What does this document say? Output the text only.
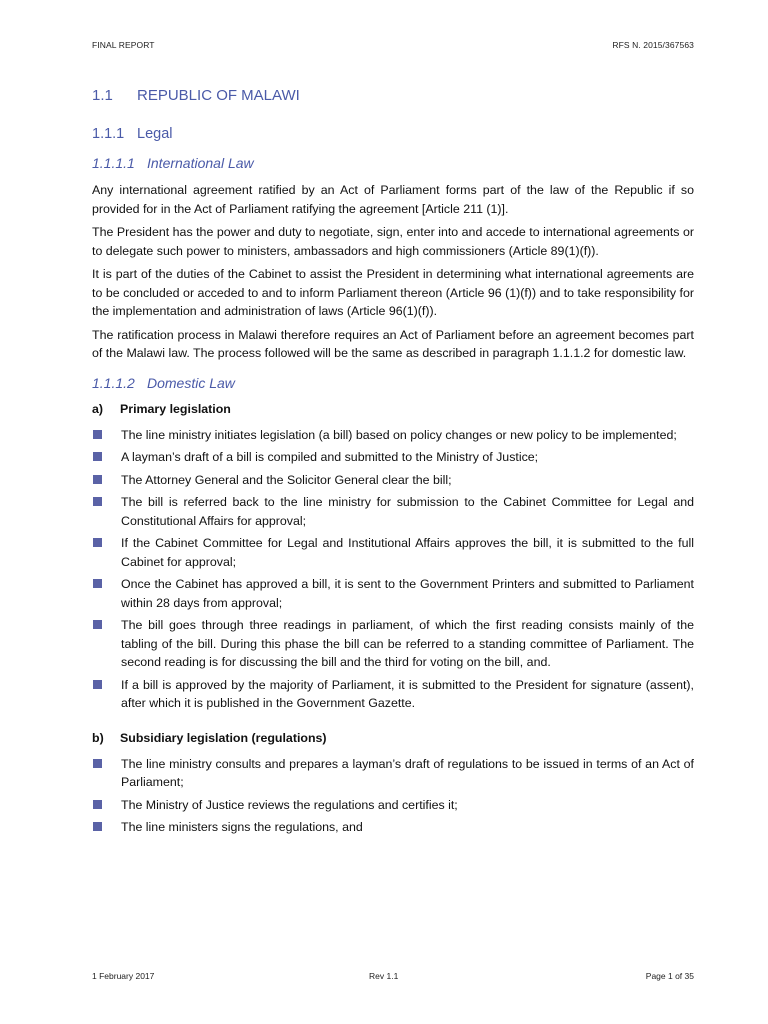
FINAL REPORT	RFS N. 2015/367563
1.1 REPUBLIC OF MALAWI
1.1.1 Legal
1.1.1.1 International Law

Any international agreement ratified by an Act of Parliament forms part of the law of the Republic if so provided for in the Act of Parliament ratifying the agreement [Article 211 (1)].

The President has the power and duty to negotiate, sign, enter into and accede to international agreements or to delegate such power to ministers, ambassadors and high commissioners (Article 89(1)(f)).

It is part of the duties of the Cabinet to assist the President in determining what international agreements are to be concluded or acceded to and to inform Parliament thereon (Article 96 (1)(f)) and to take responsibility for the implementation and administration of laws (Article 96(1)(f)).

The ratification process in Malawi therefore requires an Act of Parliament before an agreement becomes part of the Malawi law. The process followed will be the same as described in paragraph 1.1.1.2 for domestic law.

1.1.1.2 Domestic Law
a)	Primary legislation
The line ministry initiates legislation (a bill) based on policy changes or new policy to be implemented;
A layman’s draft of a bill is compiled and submitted to the Ministry of Justice;
The Attorney General and the Solicitor General clear the bill;
The bill is referred back to the line ministry for submission to the Cabinet Committee for Legal and Constitutional Affairs for approval;
If the Cabinet Committee for Legal and Institutional Affairs approves the bill, it is submitted to the full Cabinet for approval;
Once the Cabinet has approved a bill, it is sent to the Government Printers and submitted to Parliament within 28 days from approval;
The bill goes through three readings in parliament, of which the first reading consists mainly of the tabling of the bill. During this phase the bill can be referred to a standing committee of Parliament. The second reading is for discussing the bill and the third for voting on the bill, and.
If a bill is approved by the majority of Parliament, it is submitted to the President for signature (assent), after which it is published in the Government Gazette.
b)	Subsidiary legislation (regulations)
The line ministry consults and prepares a layman’s draft of regulations to be issued in terms of an Act of Parliament;
The Ministry of Justice reviews the regulations and certifies it;
The line ministers signs the regulations, and
1 February 2017	Rev 1.1	Page 1 of 35
